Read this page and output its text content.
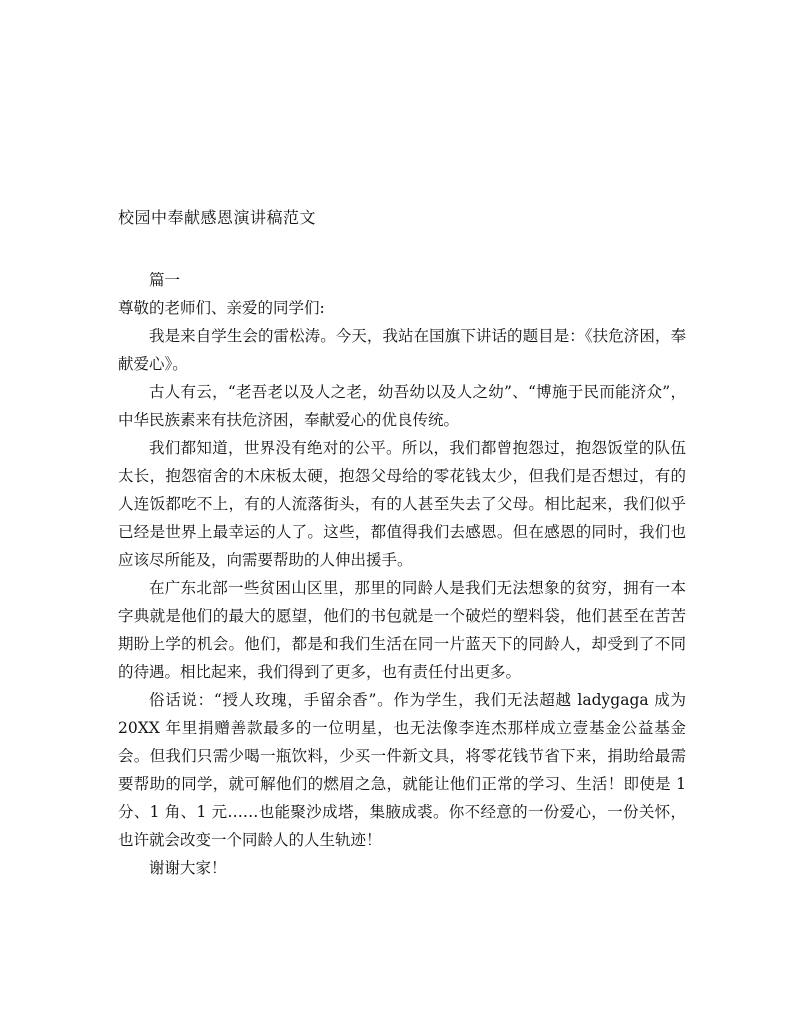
校园中奉献感恩演讲稿范文

篇一

尊敬的老师们、亲爱的同学们:

我是来自学生会的雷松涛。今天，我站在国旗下讲话的题目是：《扶危济困，奉献爱心》。

古人有云，“老吾老以及人之老，幼吾幼以及人之幼”、“博施于民而能济众”，中华民族素来有扶危济困，奉献爱心的优良传统。

我们都知道，世界没有绝对的公平。所以，我们都曾抱怨过，抱怨饭堂的队伍太长，抱怨宿舍的木床板太硬，抱怨父母给的零花钱太少，但我们是否想过，有的人连饭都吃不上，有的人流落街头，有的人甚至失去了父母。相比起来，我们似乎已经是世界上最幸运的人了。这些，都值得我们去感恩。但在感恩的同时，我们也应该尽所能及，向需要帮助的人伸出援手。

在广东北部一些贫困山区里，那里的同龄人是我们无法想象的贫穷，拥有一本字典就是他们的最大的愿望，他们的书包就是一个破烂的塑料袋，他们甚至在苦苦期盼上学的机会。他们，都是和我们生活在同一片蓝天下的同龄人，却受到了不同的待遇。相比起来，我们得到了更多，也有责任付出更多。

俗话说：“授人玫瑰，手留余香”。作为学生，我们无法超越 ladygaga 成为 20XX 年里捐赠善款最多的一位明星，也无法像李连杰那样成立壹基金公益基金会。但我们只需少喝一瓶饮料，少买一件新文具，将零花钱节省下来，捐助给最需要帮助的同学，就可解他们的燃眉之急，就能让他们正常的学习、生活！即使是 1 分、1 角、1 元……也能聚沙成塔，集腋成裘。你不经意的一份爱心，一份关怀，也许就会改变一个同龄人的人生轨迹！

谢谢大家！
